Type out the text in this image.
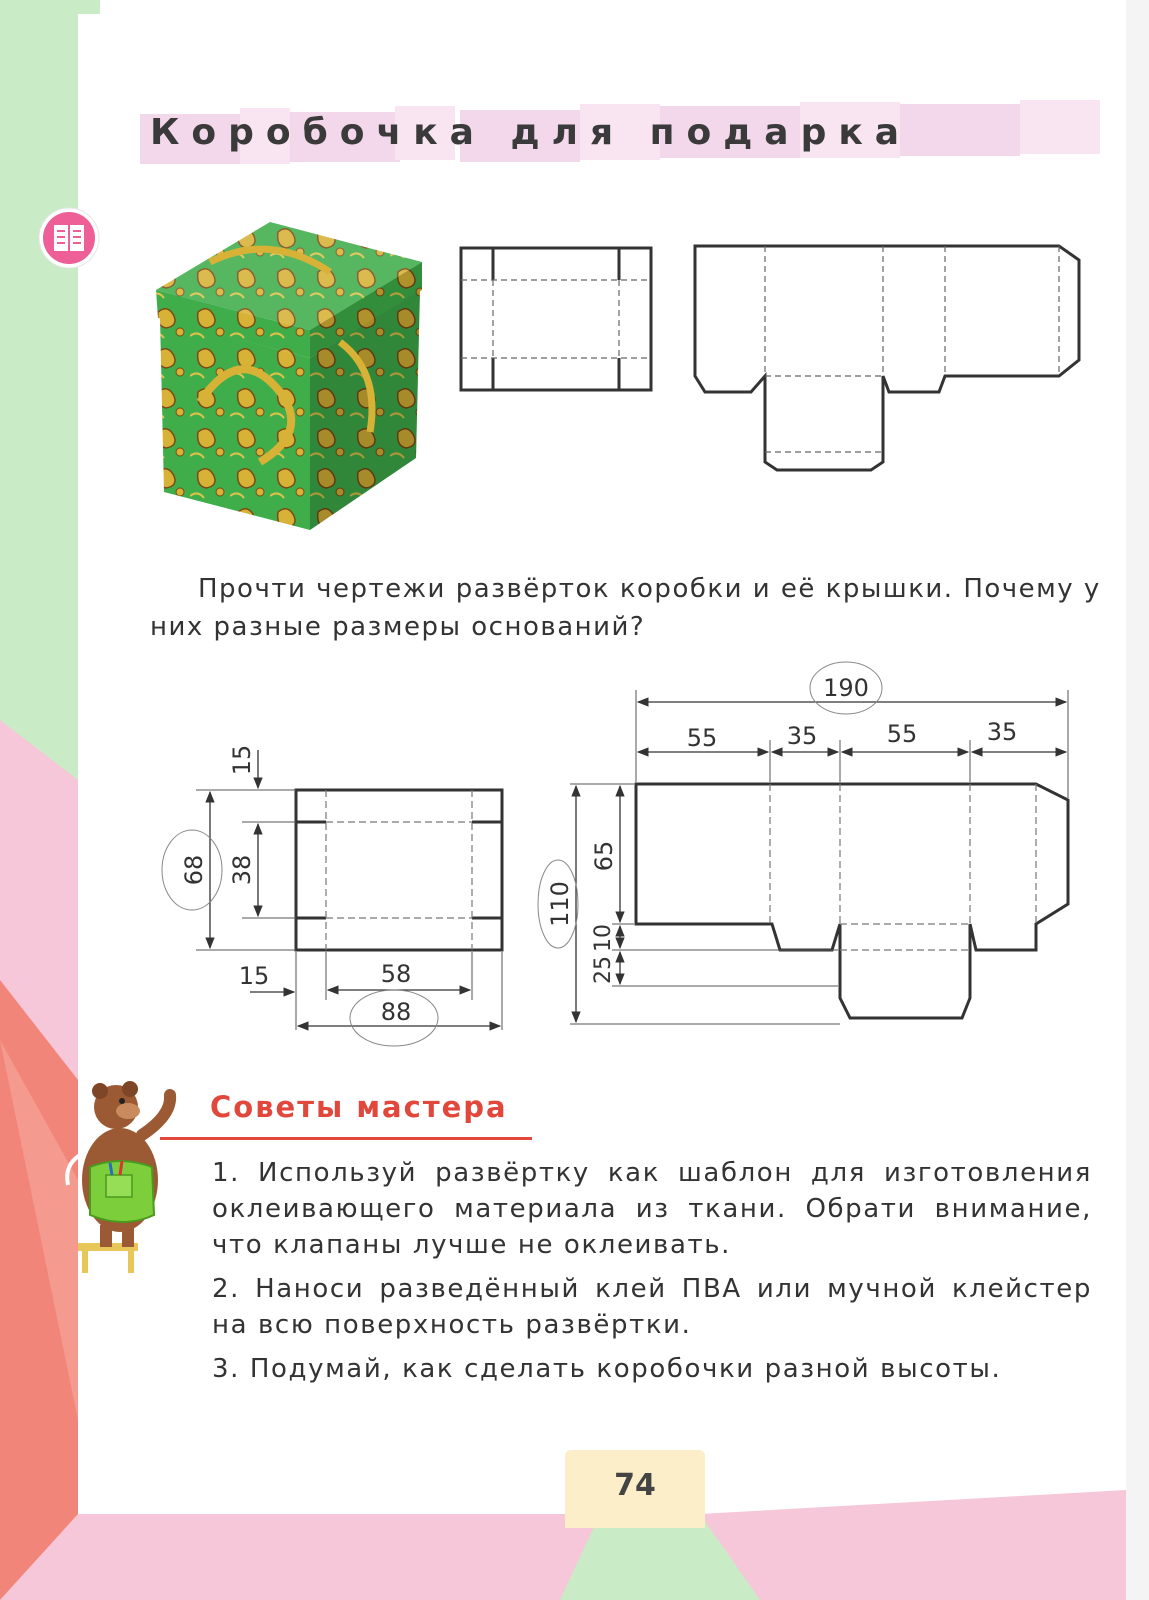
Коробочка для подарка
Прочти чертежи развёрток коробки и её крышки. Почему у них разные размеры оснований?
15
38
68
15	58
88
190
55	35	55	35
65
110
25
10
Советы мастера

1. Используй развёртку как шаблон для изготовления оклеивающего материала из ткани. Обрати внимание, что клапаны лучше не оклеивать.

2. Наноси разведённый клей ПВА или мучной клейстер на всю поверхность развёртки.

3. Подумай, как сделать коробочки разной высоты.

74
